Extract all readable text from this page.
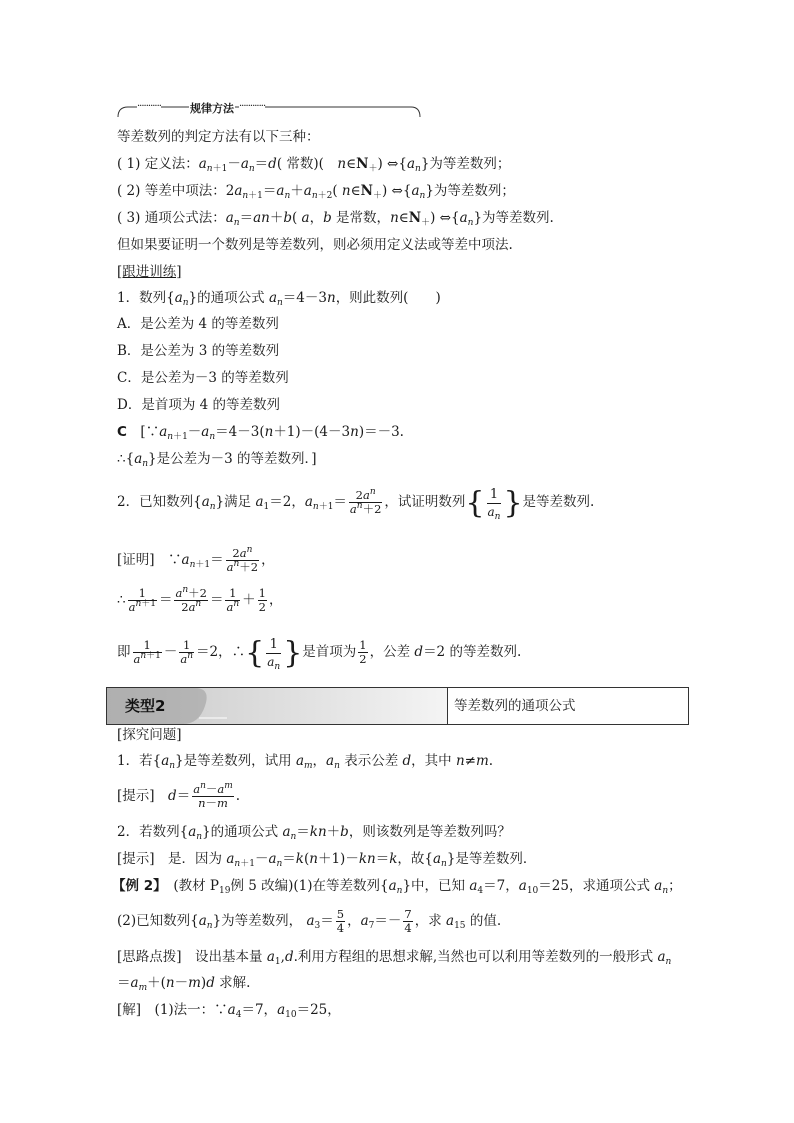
···········	规律方法 ············
等差数列的判定方法有以下三种：
( 1) 定义法：$a_{n+1}-a_n=d$( 常数)(　$n\in N_+$) $\Leftrightarrow\{a_n\}$为等差数列；
( 2) 等差中项法：$2a_{n+1}=a_n+a_{n+2}$( $n\in N_+$) $\Leftrightarrow\{a_n\}$为等差数列；
( 3) 通项公式法：$a_n=an+b$( a，b 是常数，$n\in N_+$) $\Leftrightarrow\{a_n\}$为等差数列.
但如果要证明一个数列是等差数列，则必须用定义法或等差中项法.
[跟进训练]
1．数列$\{a_n\}$的通项公式 $a_n=4-3n$，则此数列(　　)
A．是公差为 4 的等差数列
B．是公差为 3 的等差数列
C．是公差为－3 的等差数列
D．是首项为 4 的等差数列
C　 [$\because a_{n+1}-a_n=4-3(n+1)-(4-3n)=-3$.
$\therefore\{a_n\}$是公差为－3 的等差数列．]
2．已知数列$\{a_n\}$满足 $a_1=2$，$a_{n+1}= \frac{2a^n}{a^n+2}$ ，试证明数列{ $\frac{1}{a_n}$ }是等差数列.
[证明]　$\because a_{n+1}= \frac{2a^n}{a^n+2}$ ，
∴ $\frac{1}{a^{n+1}} = \frac{a^n+2}{2a^n} = \frac{1}{a^n} + \frac{1}{2}$ ，
即 $\frac{1}{a^{n+1}} - \frac{1}{a^n} =2$，∴{ $\frac{1}{a_n}$ }是首项为 $\frac{1}{2}$ ，公差 d＝2 的等差数列.
类型2	等差数列的通项公式
[探究问题]
1．若$\{a_n\}$是等差数列，试用 $a_m$，$a_n$ 表示公差 d，其中 n≠m.
[提示]　 $d= \frac{a^n-a^m}{n-m}$ .
2．若数列$\{a_n\}$的通项公式 $a_n=kn+b$，则该数列是等差数列吗？
[提示]　 是．因为 $a_{n+1}-a_n=k(n+1)-kn=k$，故$\{a_n\}$是等差数列．
【例 2】　 (教材 $P_{19}$例 5 改编)(1)在等差数列$\{a_n\}$中，已知 $a_4=7$，$a_{10}=25$，求通项公式 $a_n$；
(2)已知数列$\{a_n\}$为等差数列， $a_3= \frac{5}{4}$ ，$a_7=- \frac{7}{4}$ ，求 $a_{15}$ 的值.
[思路点拨]　 设出基本量 $a_1,d$.利用方程组的思想求解,当然也可以利用等差数列的一般形式 $a_n$
$=a_m+(n-m)d$ 求解.
[解]　 (1)法一：$\because a_4=7$，$a_{10}=25$，
